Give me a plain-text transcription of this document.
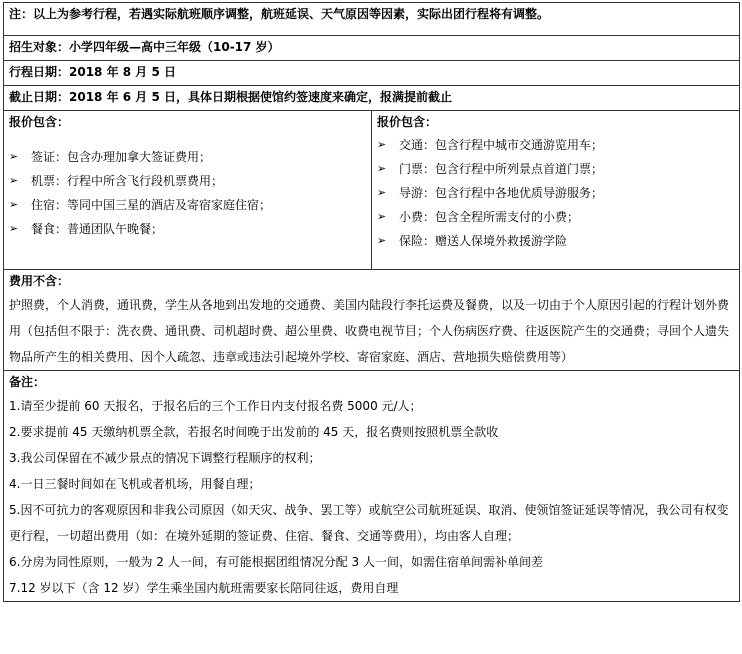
注：以上为参考行程，若遇实际航班顺序调整，航班延误、天气原因等因素，实际出团行程将有调整。
招生对象：小学四年级—高中三年级（10-17 岁）
行程日期：2018 年 8 月 5 日
截止日期：2018 年 6 月 5 日，具体日期根据使馆约签速度来确定，报满提前截止

报价包含：
➢	签证：包含办理加拿大签证费用；
➢	机票：行程中所含飞行段机票费用；
➢	住宿：等同中国三星的酒店及寄宿家庭住宿；
➢	餐食：普通团队午晚餐；

报价包含：
➢	交通：包含行程中城市交通游览用车；
➢	门票：包含行程中所列景点首道门票；
➢	导游：包含行程中各地优质导游服务；
➢	小费：包含全程所需支付的小费；
➢	保险：赠送人保境外救援游学险

费用不含：
护照费，个人消费，通讯费，学生从各地到出发地的交通费、美国内陆段行李托运费及餐费，以及一切由于个人原因引起的行程计划外费用（包括但不限于：洗衣费、通讯费、司机超时费、超公里费、收费电视节目；个人伤病医疗费、往返医院产生的交通费；寻回个人遗失物品所产生的相关费用、因个人疏忽、违章或违法引起境外学校、寄宿家庭、酒店、营地损失赔偿费用等）

备注：
1.请至少提前 60 天报名，于报名后的三个工作日内支付报名费 5000 元/人；
2.要求提前 45 天缴纳机票全款，若报名时间晚于出发前的 45 天，报名费则按照机票全款收
3.我公司保留在不减少景点的情况下调整行程顺序的权利；
4.一日三餐时间如在飞机或者机场，用餐自理；
5.因不可抗力的客观原因和非我公司原因（如天灾、战争、罢工等）或航空公司航班延误、取消、使领馆签证延误等情况，我公司有权变更行程，一切超出费用（如：在境外延期的签证费、住宿、餐食、交通等费用），均由客人自理；
6.分房为同性原则，一般为 2 人一间，有可能根据团组情况分配 3 人一间，如需住宿单间需补单间差
7.12 岁以下（含 12 岁）学生乘坐国内航班需要家长陪同往返，费用自理
